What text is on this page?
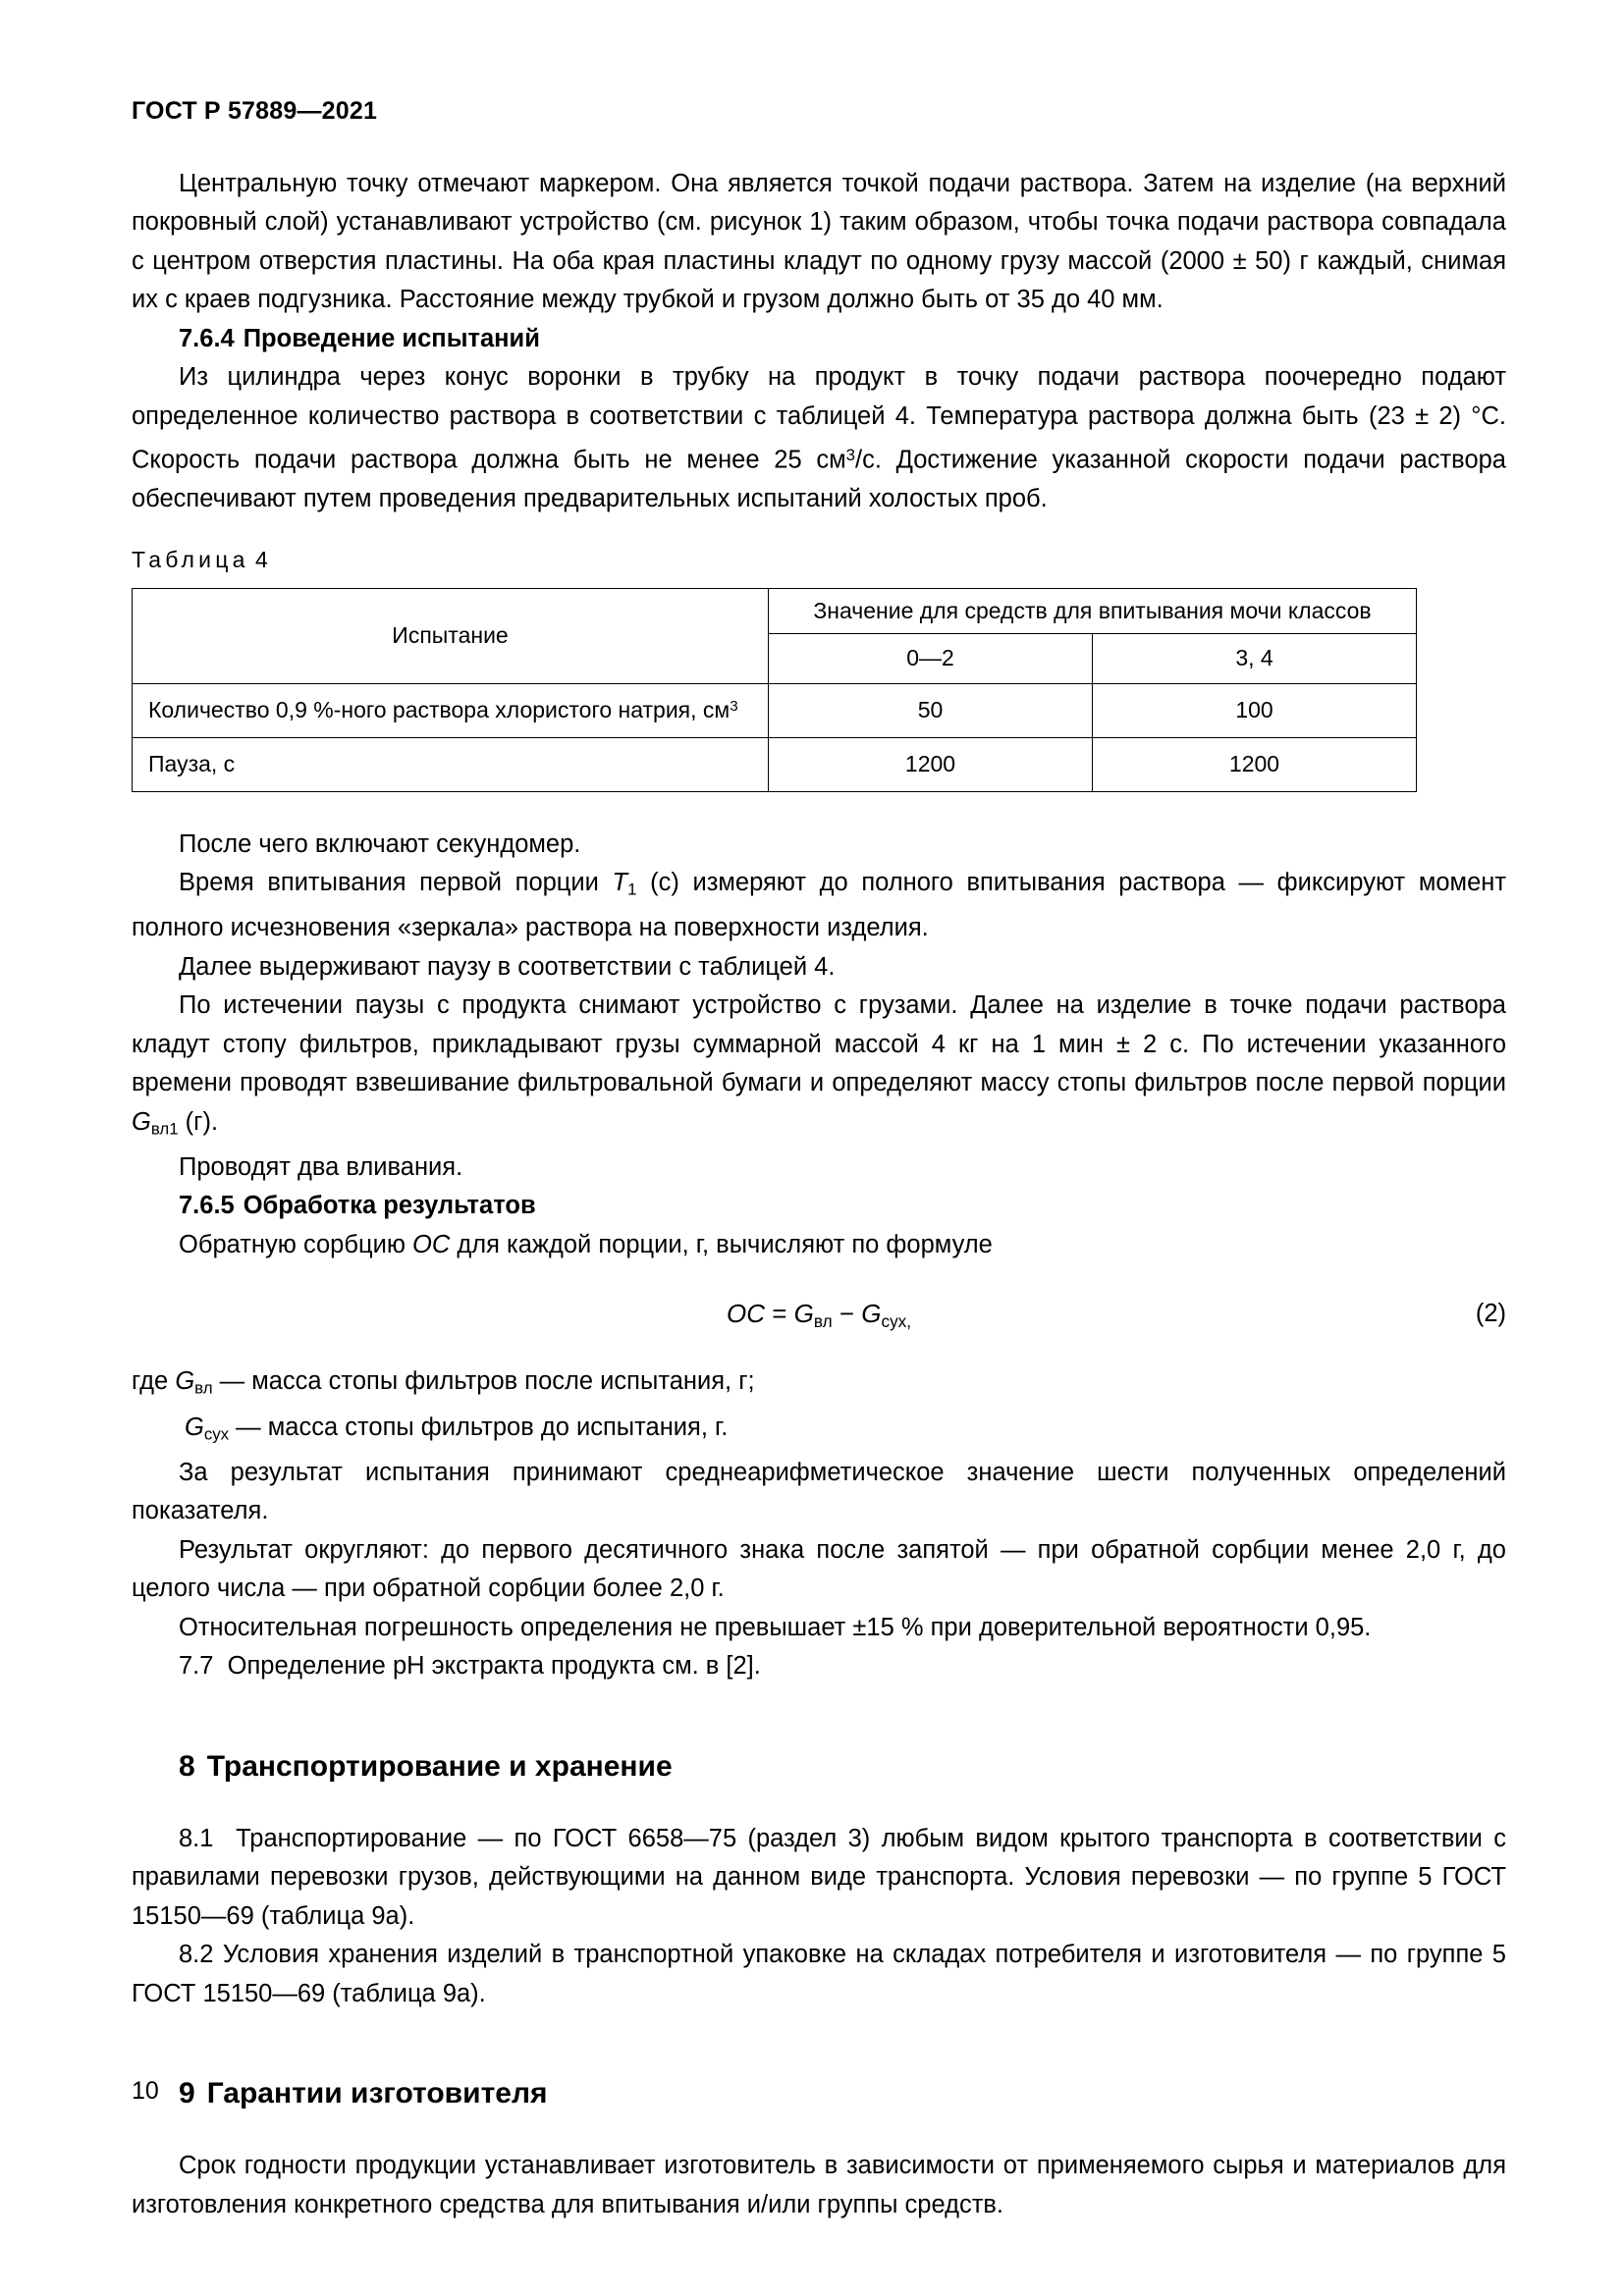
ГОСТ Р 57889—2021

Центральную точку отмечают маркером. Она является точкой подачи раствора. Затем на изделие (на верхний покровный слой) устанавливают устройство (см. рисунок 1) таким образом, чтобы точка подачи раствора совпадала с центром отверстия пластины. На оба края пластины кладут по одному грузу массой (2000 ± 50) г каждый, снимая их с краев подгузника. Расстояние между трубкой и грузом должно быть от 35 до 40 мм.

7.6.4 Проведение испытаний

Из цилиндра через конус воронки в трубку на продукт в точку подачи раствора поочередно подают определенное количество раствора в соответствии с таблицей 4. Температура раствора должна быть (23 ± 2) °C. Скорость подачи раствора должна быть не менее 25 $см^3/с$. Достижение указанной скорости подачи раствора обеспечивают путем проведения предварительных испытаний холостых проб.

Таблица 4
Испытание	Значение для средств для впитывания мочи классов	
	0—2	3, 4
Количество 0,9 %-ного раствора хлористого натрия, $см^3$	50	100
Пауза, с	1200	1200

После чего включают секундомер.

Время впитывания первой порции $T_1$ (с) измеряют до полного впитывания раствора — фиксируют момент полного исчезновения «зеркала» раствора на поверхности изделия.

Далее выдерживают паузу в соответствии с таблицей 4.

По истечении паузы с продукта снимают устройство с грузами. Далее на изделие в точке подачи раствора кладут стопу фильтров, прикладывают грузы суммарной массой 4 кг на 1 мин ± 2 с. По истечении указанного времени проводят взвешивание фильтровальной бумаги и определяют массу стопы фильтров после первой порции $G_{вл1}$ (г).

Проводят два вливания.

7.6.5 Обработка результатов

Обратную сорбцию ОС для каждой порции, г, вычисляют по формуле

ОС = $G_{вл} - G_{сух,}$	(2)
где $G_{вл}$ — масса стопы фильтров после испытания, г;
$G_{сух}$ — масса стопы фильтров до испытания, г.

За результат испытания принимают среднеарифметическое значение шести полученных определений показателя.

Результат округляют: до первого десятичного знака после запятой — при обратной сорбции менее 2,0 г, до целого числа — при обратной сорбции более 2,0 г.

Относительная погрешность определения не превышает ±15 % при доверительной вероятности 0,95.

7.7 Определение pH экстракта продукта см. в [2].

8 Транспортирование и хранение

8.1 Транспортирование — по ГОСТ 6658—75 (раздел 3) любым видом крытого транспорта в соответствии с правилами перевозки грузов, действующими на данном виде транспорта. Условия перевозки — по группе 5 ГОСТ 15150—69 (таблица 9а).

8.2 Условия хранения изделий в транспортной упаковке на складах потребителя и изготовителя — по группе 5 ГОСТ 15150—69 (таблица 9а).

9 Гарантии изготовителя

Срок годности продукции устанавливает изготовитель в зависимости от применяемого сырья и материалов для изготовления конкретного средства для впитывания и/или группы средств.

10
